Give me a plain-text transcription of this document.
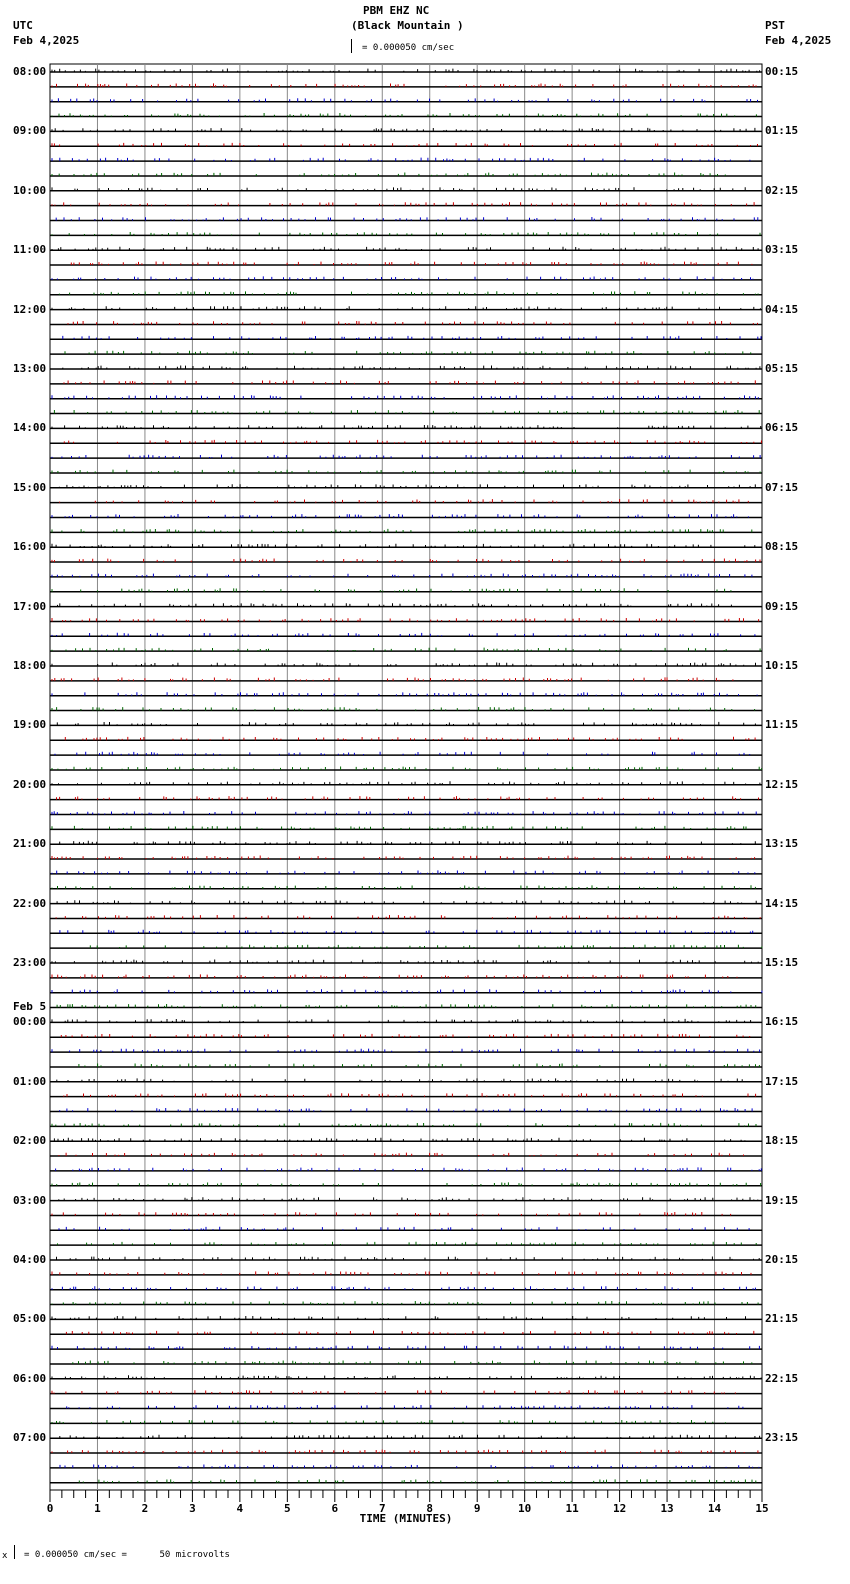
PBM EHZ NC
(Black Mountain )
UTC
Feb 4,2025
PST
Feb 4,2025
= 0.000050 cm/sec
0	1	2	3	4	5	6	7	8	9	10	11	12	13	14	15
TIME (MINUTES)
x = 0.000050 cm/sec =      50 microvolts
08:00
09:00
10:00
11:00
12:00
13:00
14:00
15:00
16:00
17:00
18:00
19:00
20:00
21:00
22:00
23:00
00:00
Feb 5
01:00
02:00
03:00
04:00
05:00
06:00
07:00
00:15
01:15
02:15
03:15
04:15
05:15
06:15
07:15
08:15
09:15
10:15
11:15
12:15
13:15
14:15
15:15
16:15
17:15
18:15
19:15
20:15
21:15
22:15
23:15
